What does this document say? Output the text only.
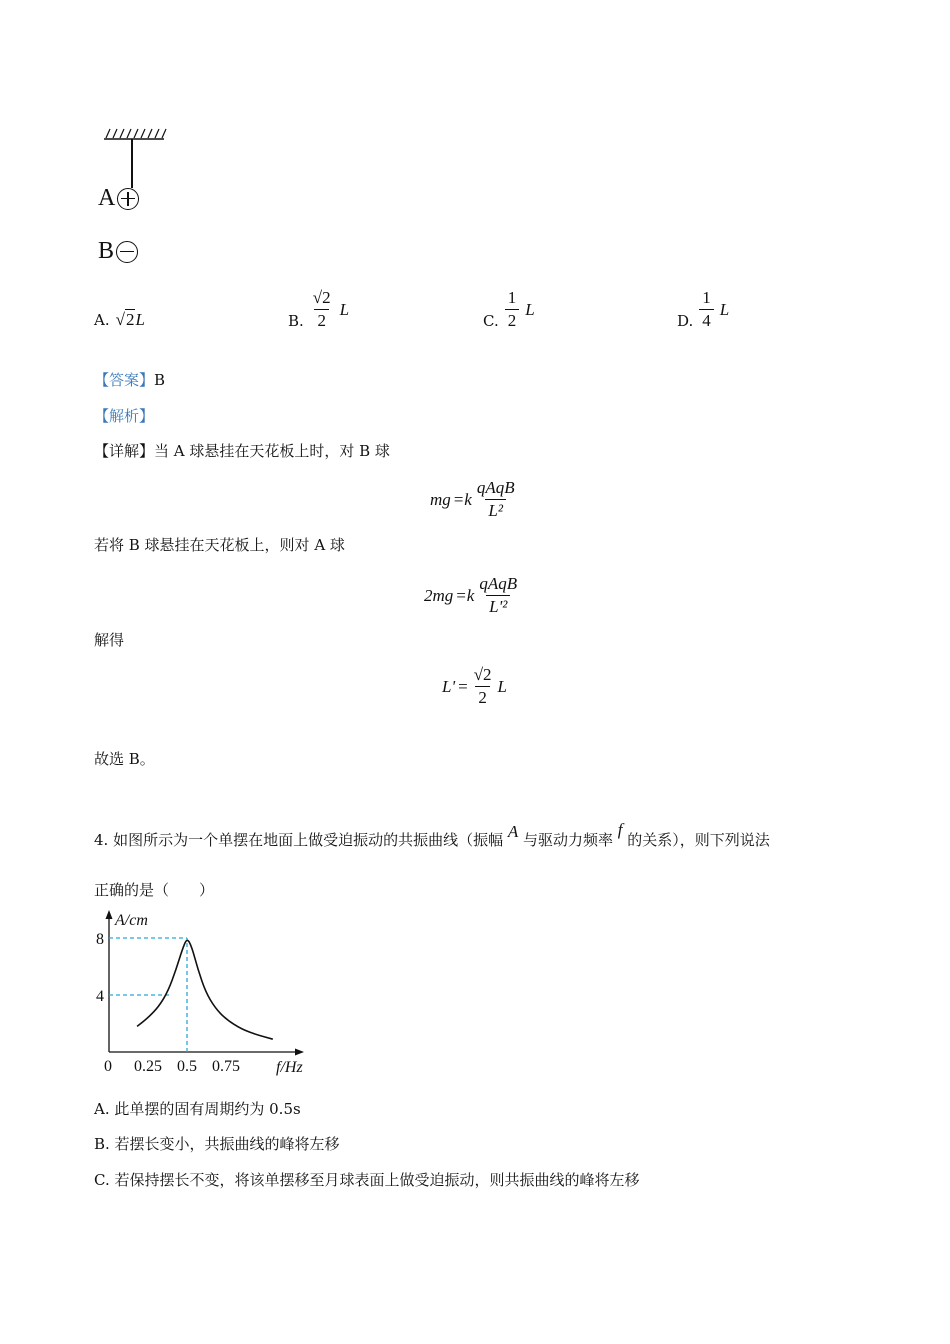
A
B
A. √2L	B. $\frac{√2}{2}$ L
C. $\frac{1}{2}$ L
D. $\frac{1}{4}$ L
【答案】B
【解析】
【详解】当 A 球悬挂在天花板上时，对 B 球
mg $=k \frac{\text{qAqB}}{\text{L²}}$
若将 B 球悬挂在天花板上，则对 A 球
$2mg =k \frac{\text{qAqB}}{\text{L'²}}$
解得
$L' = \frac{√2}{2}$ L
故选 B。
4. 如图所示为一个单摆在地面上做受迫振动的共振曲线（振幅 A 与驱动力频率 f 的关系），则下列说法
正确的是（　　）
0 0.25 0.5 0.75
4
8
A/cm
f/Hz
A. 此单摆的固有周期约为 0.5s
B. 若摆长变小，共振曲线的峰将左移
C. 若保持摆长不变，将该单摆移至月球表面上做受迫振动，则共振曲线的峰将左移
